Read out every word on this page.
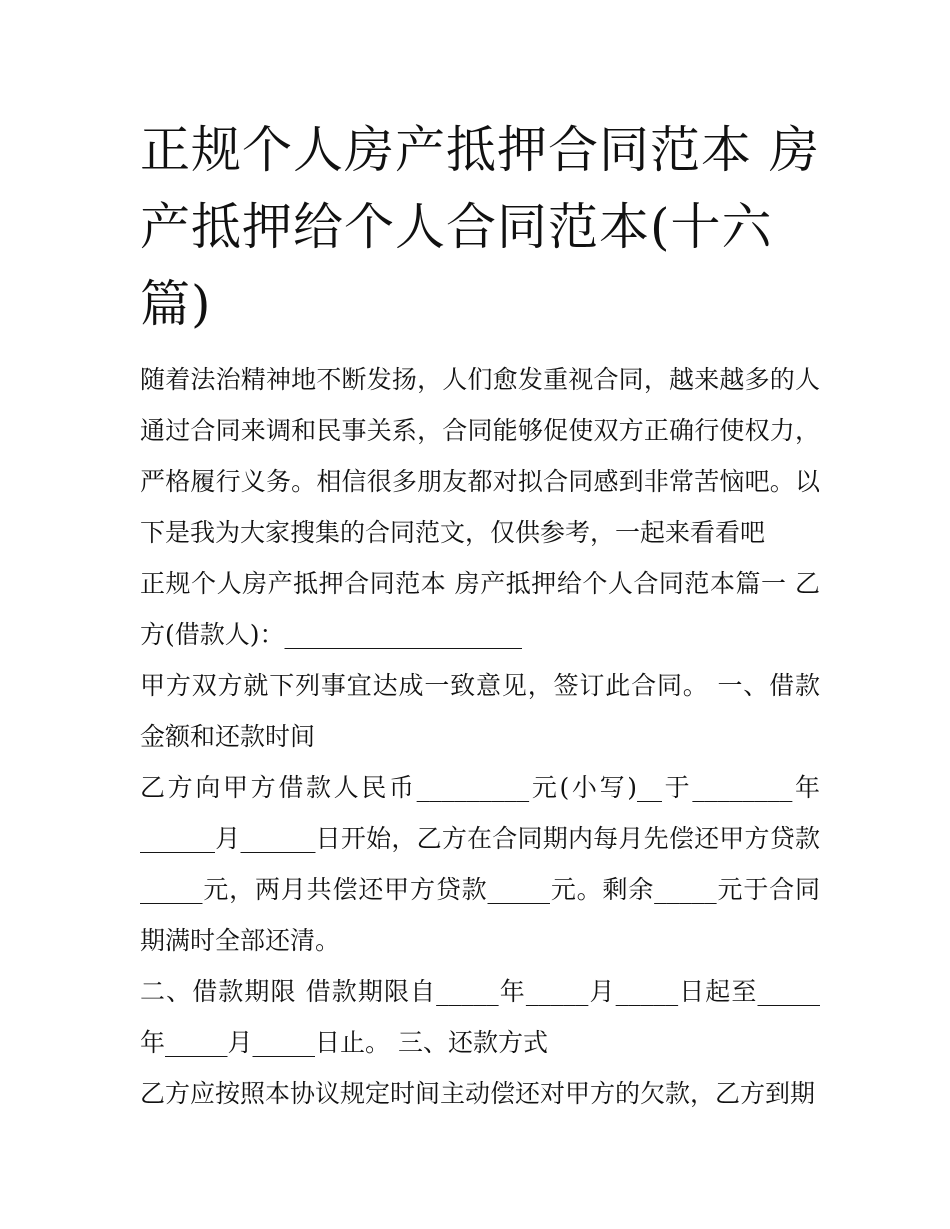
正规个人房产抵押合同范本 房产抵押给个人合同范本(十六篇)

随着法治精神地不断发扬，人们愈发重视合同，越来越多的人通过合同来调和民事关系，合同能够促使双方正确行使权力，严格履行义务。相信很多朋友都对拟合同感到非常苦恼吧。以下是我为大家搜集的合同范文，仅供参考，一起来看看吧

正规个人房产抵押合同范本 房产抵押给个人合同范本篇一 乙方(借款人)：___________________

甲方双方就下列事宜达成一致意见，签订此合同。 一、借款金额和还款时间

乙方向甲方借款人民币_________元(小写)__于________年______月______日开始，乙方在合同期内每月先偿还甲方贷款_____元，两月共偿还甲方贷款_____元。剩余_____元于合同期满时全部还清。

二、借款期限 借款期限自_____年_____月_____日起至_____年_____月_____日止。 三、还款方式

乙方应按照本协议规定时间主动偿还对甲方的欠款，乙方到期
